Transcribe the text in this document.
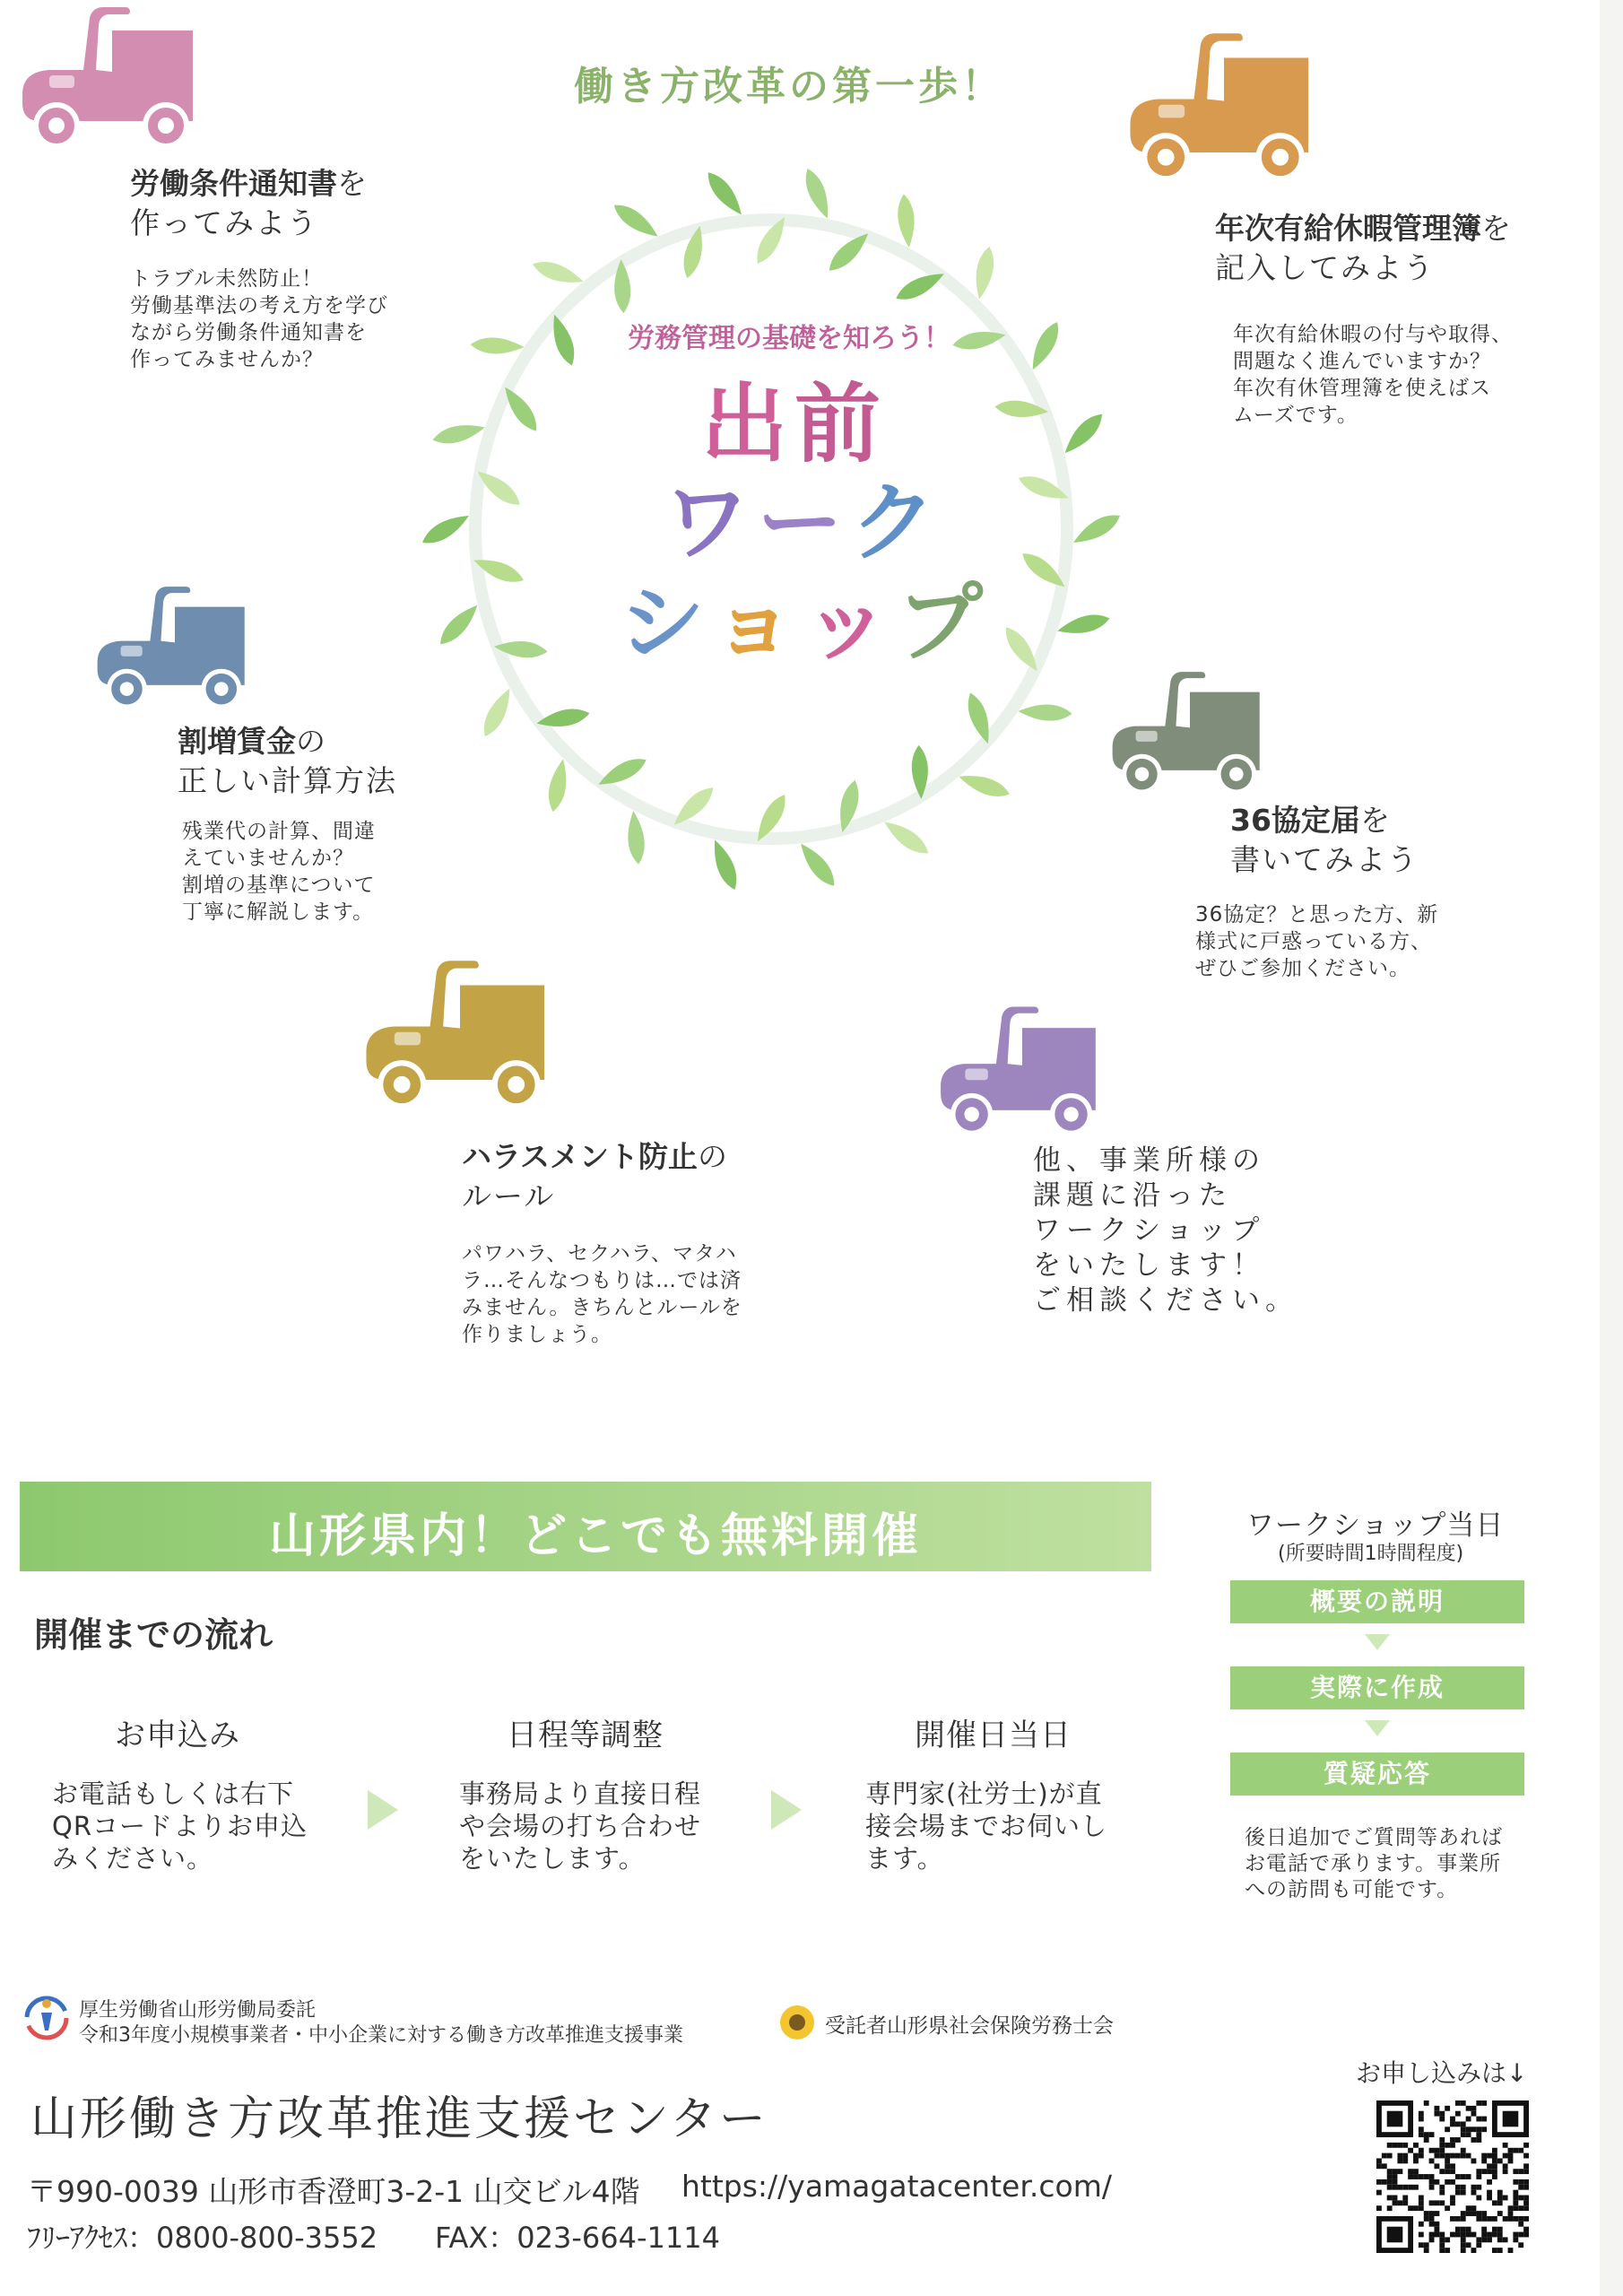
働き方改革の第一歩！
労務管理の基礎を知ろう！
出前
ワーク
ショップ
労働条件通知書を
作ってみよう
トラブル未然防止！
労働基準法の考え方を学び
ながら労働条件通知書を
作ってみませんか？
年次有給休暇管理簿を
記入してみよう
年次有給休暇の付与や取得、
問題なく進んでいますか？
年次有休管理簿を使えばス
ムーズです。
割増賃金の
正しい計算方法
残業代の計算、間違
えていませんか？
割増の基準について
丁寧に解説します。
36協定届を
書いてみよう
36協定？と思った方、新
様式に戸惑っている方、
ぜひご参加ください。
ハラスメント防止の
ルール
パワハラ、セクハラ、マタハ
ラ…そんなつもりは…では済
みません。きちんとルールを
作りましょう。
他、事業所様の
課題に沿った
ワークショップ
をいたします！
ご相談ください。
山形県内！どこでも無料開催
開催までの流れ
お申込み
お電話もしくは右下
QRコードよりお申込
みください。
日程等調整
事務局より直接日程
や会場の打ち合わせ
をいたします。
開催日当日
専門家(社労士)が直
接会場までお伺いし
ます。
ワークショップ当日
(所要時間1時間程度)
概要の説明
実際に作成
質疑応答
後日追加でご質問等あれば
お電話で承ります。事業所
への訪問も可能です。
厚生労働省山形労働局委託
令和3年度小規模事業者・中小企業に対する働き方改革推進支援事業	受託者山形県社会保険労務士会
お申し込みは↓
山形働き方改革推進支援センター
〒990-0039 山形市香澄町3-2-1 山交ビル4階 https://yamagatacenter.com/
ﾌﾘｰｱｸｾｽ：0800-800-3552 FAX：023-664-1114
